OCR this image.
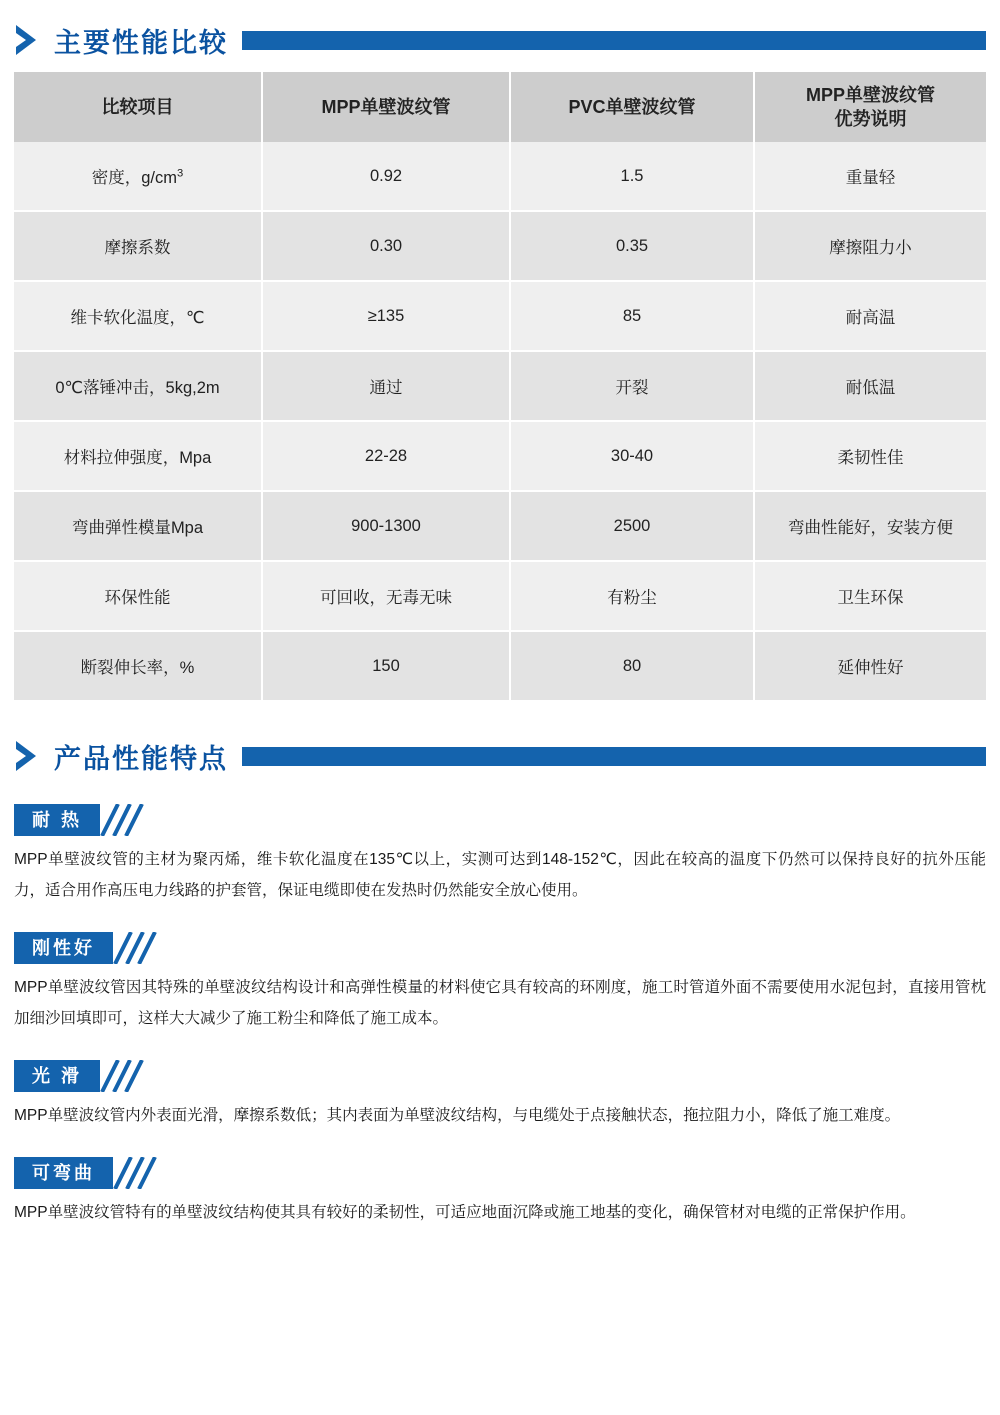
主要性能比较
比较项目	MPP单壁波纹管	PVC单壁波纹管	MPP单壁波纹管
优势说明
密度，$g/cm^3$	0.92	1.5	重量轻
摩擦系数	0.30	0.35	摩擦阻力小
维卡软化温度，℃	≥135	85	耐高温
0℃落锤冲击，5kg,2m	通过	开裂	耐低温
材料拉伸强度，Mpa	22-28	30-40	柔韧性佳
弯曲弹性模量Mpa	900-1300	2500	弯曲性能好，安装方便
环保性能	可回收，无毒无味	有粉尘	卫生环保
断裂伸长率，%	150	80	延伸性好
产品性能特点
耐 热
MPP单壁波纹管的主材为聚丙烯，维卡软化温度在135℃以上，实测可达到148-152℃，因此在较高的温度下仍然可以保持良好的抗外压能力，适合用作高压电力线路的护套管，保证电缆即使在发热时仍然能安全放心使用。
刚性好
MPP单壁波纹管因其特殊的单壁波纹结构设计和高弹性模量的材料使它具有较高的环刚度，施工时管道外面不需要使用水泥包封，直接用管枕加细沙回填即可，这样大大减少了施工粉尘和降低了施工成本。
光 滑
MPP单壁波纹管内外表面光滑，摩擦系数低；其内表面为单壁波纹结构，与电缆处于点接触状态，拖拉阻力小，降低了施工难度。
可弯曲
MPP单壁波纹管特有的单壁波纹结构使其具有较好的柔韧性，可适应地面沉降或施工地基的变化，确保管材对电缆的正常保护作用。
